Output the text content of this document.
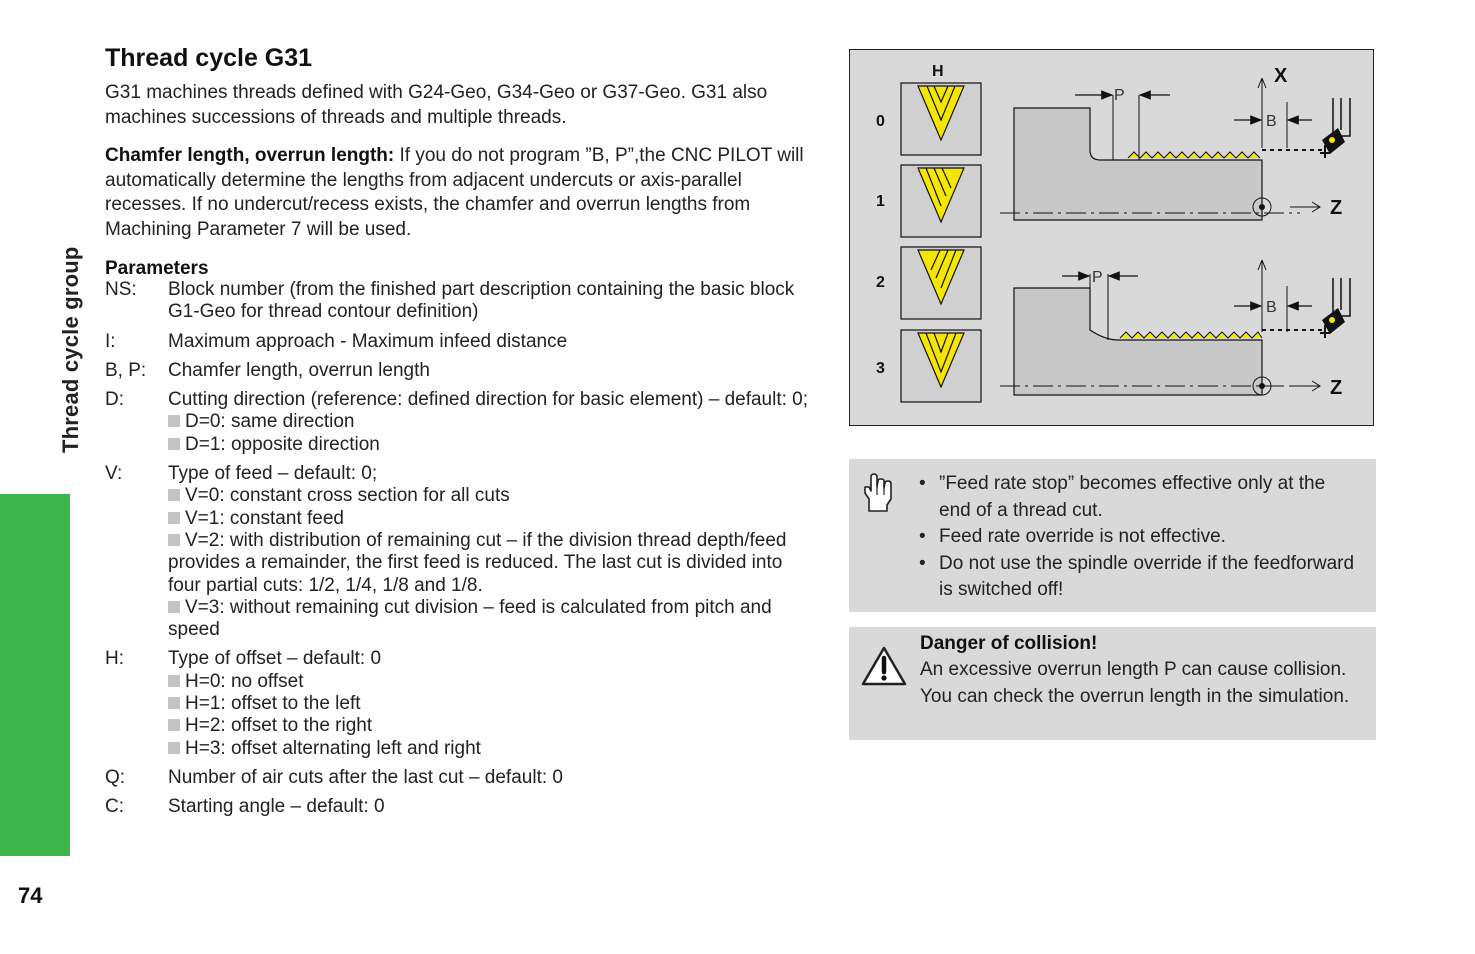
Thread cycle group
74
Thread cycle G31

G31 machines threads defined with G24-Geo, G34-Geo or G37-Geo. G31 also machines successions of threads and multiple threads.

Chamfer length, overrun length: If you do not program ”B, P”,the CNC PILOT will automatically determine the lengths from adjacent undercuts or axis-parallel recesses. If no undercut/recess exists, the chamfer and overrun lengths from Machining Parameter 7 will be used.

Parameters
NS:	Block number (from the finished part description containing the basic block G1-Geo for thread contour definition)
I:	Maximum approach - Maximum infeed distance
B, P:	Chamfer length, overrun length
D:	Cutting direction (reference: defined direction for basic element) – default: 0;
D=0: same direction
D=1: opposite direction
V:	Type of feed – default: 0;
V=0: constant cross section for all cuts
V=1: constant feed
V=2: with distribution of remaining cut – if the division thread depth/feed provides a remainder, the first feed is reduced. The last cut is divided into four partial cuts: 1/2, 1/4, 1/8 and 1/8.
V=3: without remaining cut division – feed is calculated from pitch and speed
H:	Type of offset – default: 0
H=0: no offset
H=1: offset to the left
H=2: offset to the right
H=3: offset alternating left and right
Q:	Number of air cuts after the last cut – default: 0
C:	Starting angle – default: 0
H
0
1
2
3
P
B
X
Z
P
B
Z
• ”Feed rate stop” becomes effective only at the end of a thread cut.
• Feed rate override is not effective.
• Do not use the spindle override if the feedforward is switched off!
Danger of collision!
An excessive overrun length P can cause collision. You can check the overrun length in the simulation.
